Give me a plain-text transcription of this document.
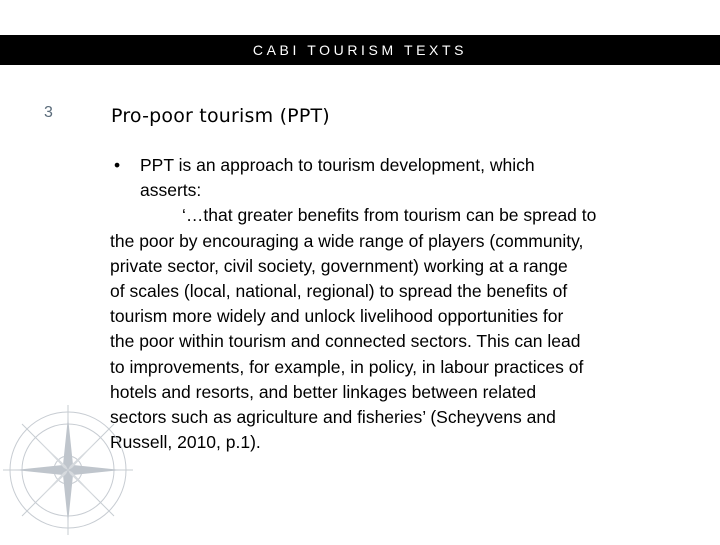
CABI TOURISM TEXTS
3	Pro-poor tourism (PPT)
• PPT is an approach to tourism development, which
asserts:
‘…that greater benefits from tourism can be spread to
the poor by encouraging a wide range of players (community,
private sector, civil society, government) working at a range
of scales (local, national, regional) to spread the benefits of
tourism more widely and unlock livelihood opportunities for
the poor within tourism and connected sectors. This can lead
to improvements, for example, in policy, in labour practices of
hotels and resorts, and better linkages between related
sectors such as agriculture and fisheries’ (Scheyvens and
Russell, 2010, p.1).
